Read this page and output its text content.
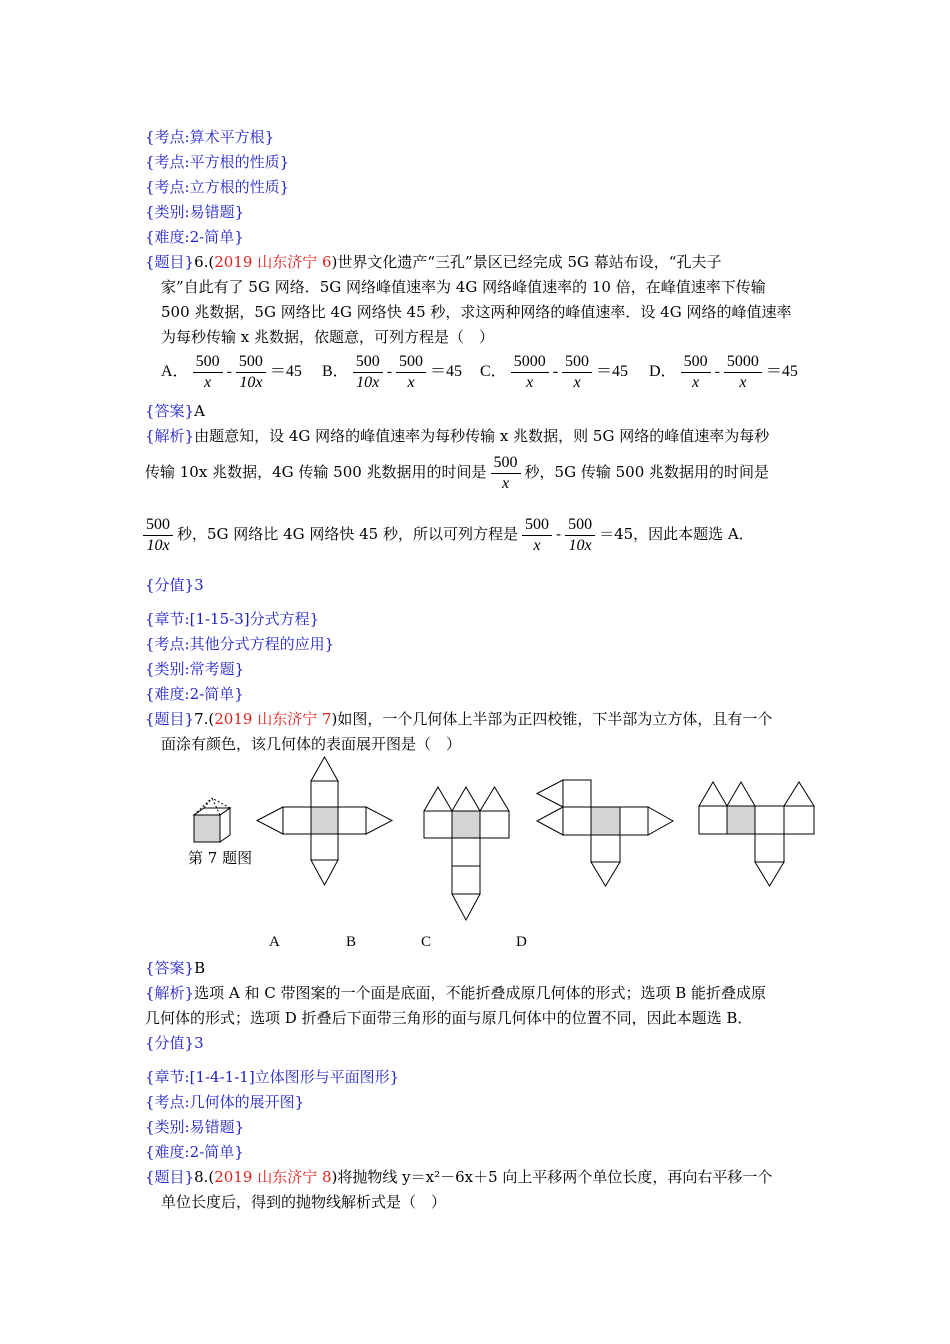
{考点:算术平方根}
{考点:平方根的性质}
{考点:立方根的性质}
{类别:易错题}
{难度:2-简单}
{题目}6.(2019 山东济宁 6)世界文化遗产“三孔”景区已经完成 5G 幕站布设，“孔夫子
家”自此有了 5G 网络．5G 网络峰值速率为 4G 网络峰值速率的 10 倍，在峰值速率下传输
500 兆数据，5G 网络比 4G 网络快 45 秒，求这两种网络的峰值速率．设 4G 网络的峰值速率
为每秒传输 x 兆数据，依题意，可列方程是（　）
A． $\frac{500}{x} - \frac{500}{10x} =45$ B． $\frac{500}{10x} - \frac{500}{x} =45$ C． $\frac{5000}{x} - \frac{500}{x} =45$ D． $\frac{500}{x} - \frac{5000}{x} =45$
{答案}A
{解析}由题意知，设 4G 网络的峰值速率为每秒传输 x 兆数据，则 5G 网络的峰值速率为每秒
传输 10x 兆数据，4G 传输 500 兆数据用的时间是 $\frac{500}{x}$ 秒，5G 传输 500 兆数据用的时间是
$\frac{500}{10x}$ 秒，5G 网络比 4G 网络快 45 秒，所以可列方程是 $\frac{500}{x} - \frac{500}{10x} =45$，因此本题选 A．
{分值}3
{章节:[1-15-3]分式方程}
{考点:其他分式方程的应用}
{类别:常考题}
{难度:2-简单}
{题目}7.(2019 山东济宁 7)如图，一个几何体上半部为正四校锥，下半部为立方体，且有一个
面涂有颜色，该几何体的表面展开图是（　）
第 7 题图
A	B	C	D
{答案}B
{解析}选项 A 和 C 带图案的一个面是底面，不能折叠成原几何体的形式；选项 B 能折叠成原
几何体的形式；选项 D 折叠后下面带三角形的面与原几何体中的位置不同，因此本题选 B．
{分值}3
{章节:[1-4-1-1]立体图形与平面图形}
{考点:几何体的展开图}
{类别:易错题}
{难度:2-简单}
{题目}8.(2019 山东济宁 8)将抛物线 y＝x²－6x＋5 向上平移两个单位长度，再向右平移一个
单位长度后，得到的抛物线解析式是（　）
